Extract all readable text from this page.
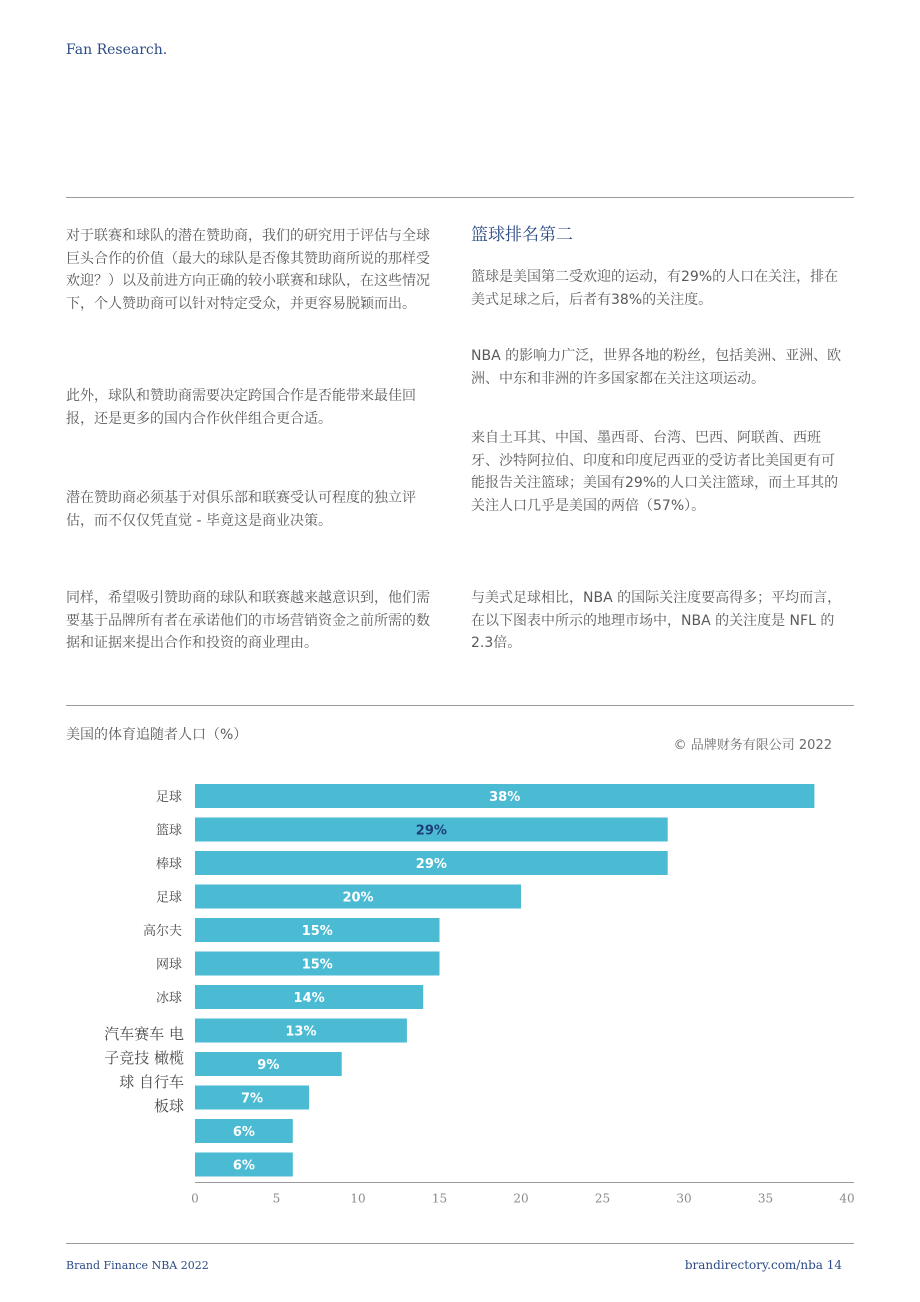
Fan Research.

对于联赛和球队的潜在赞助商，我们的研究用于评估与全球巨头合作的价值（最大的球队是否像其赞助商所说的那样受欢迎？）以及前进方向正确的较小联赛和球队，在这些情况下，个人赞助商可以针对特定受众，并更容易脱颖而出。

此外，球队和赞助商需要决定跨国合作是否能带来最佳回报，还是更多的国内合作伙伴组合更合适。

潜在赞助商必须基于对俱乐部和联赛受认可程度的独立评估，而不仅仅凭直觉 - 毕竟这是商业决策。

同样，希望吸引赞助商的球队和联赛越来越意识到，他们需要基于品牌所有者在承诺他们的市场营销资金之前所需的数据和证据来提出合作和投资的商业理由。

篮球排名第二

篮球是美国第二受欢迎的运动，有29%的人口在关注，排在美式足球之后，后者有38%的关注度。

NBA 的影响力广泛，世界各地的粉丝，包括美洲、亚洲、欧洲、中东和非洲的许多国家都在关注这项运动。

来自土耳其、中国、墨西哥、台湾、巴西、阿联酋、西班牙、沙特阿拉伯、印度和印度尼西亚的受访者比美国更有可能报告关注篮球；美国有29%的人口关注篮球，而土耳其的关注人口几乎是美国的两倍（57%）。

与美式足球相比，NBA 的国际关注度要高得多；平均而言，在以下图表中所示的地理市场中，NBA 的关注度是 NFL 的2.3倍。

美国的体育追随者人口（%）
© 品牌财务有限公司 2022
38%
足球
29%
篮球
29%
棒球
20%
足球
15%
高尔夫
15%
网球
14%
冰球
13%
9%
7%
6%
6%
0	5	10	15	20	25	30	35	40
汽车赛车 电子竞技 橄榄球 自行车 板球
Brand Finance NBA 2022	brandirectory.com/nba 14
